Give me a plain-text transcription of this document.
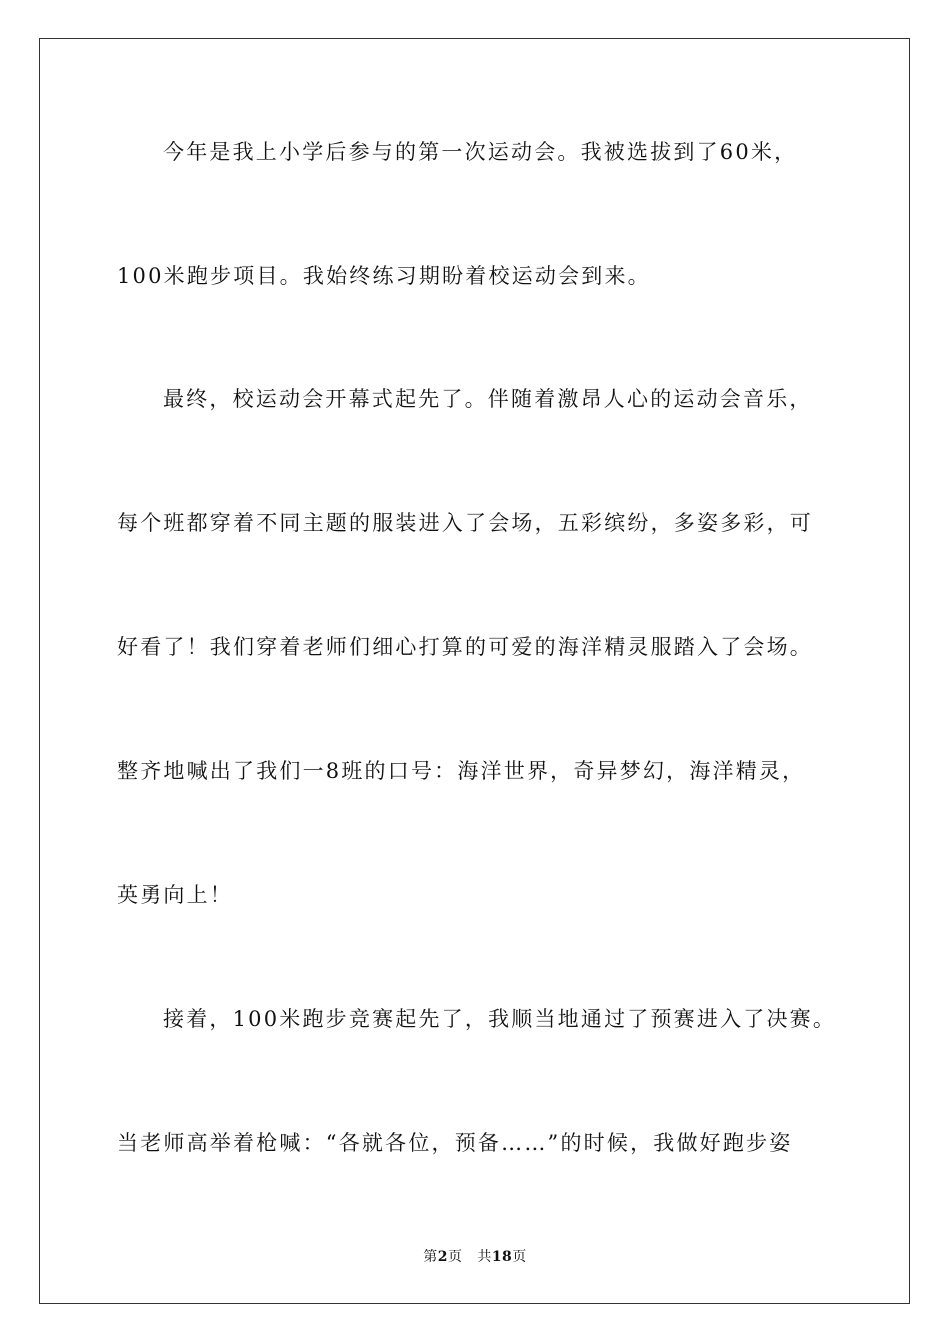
今年是我上小学后参与的第一次运动会。我被选拔到了60米，
100米跑步项目。我始终练习期盼着校运动会到来。
最终，校运动会开幕式起先了。伴随着激昂人心的运动会音乐，
每个班都穿着不同主题的服装进入了会场，五彩缤纷，多姿多彩，可
好看了！我们穿着老师们细心打算的可爱的海洋精灵服踏入了会场。
整齐地喊出了我们一8班的口号：海洋世界，奇异梦幻，海洋精灵，
英勇向上！
接着，100米跑步竞赛起先了，我顺当地通过了预赛进入了决赛。
当老师高举着枪喊：“各就各位，预备……”的时候，我做好跑步姿
第2页 共18页
